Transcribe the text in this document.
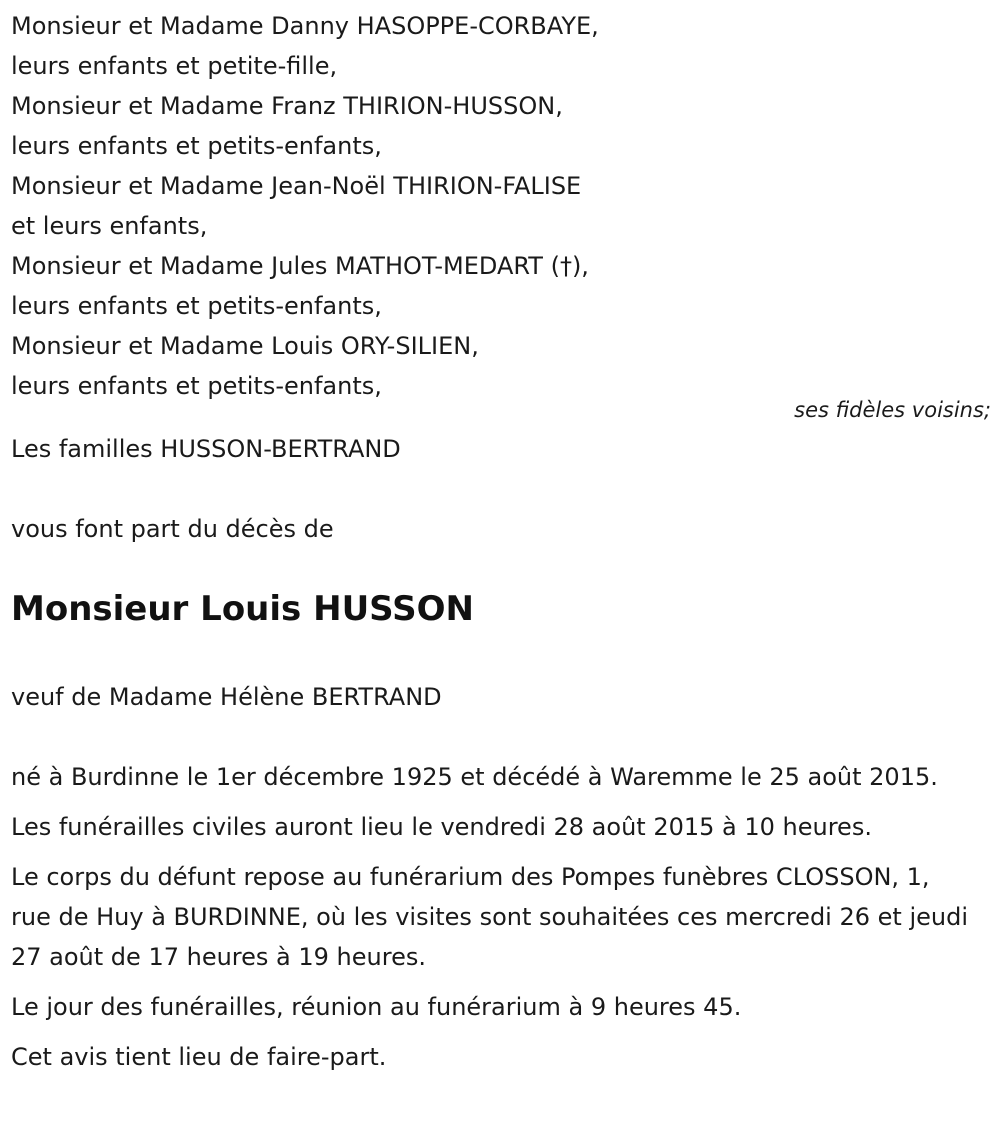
Monsieur et Madame Danny HASOPPE-CORBAYE,
leurs enfants et petite-fille,
Monsieur et Madame Franz THIRION-HUSSON,
leurs enfants et petits-enfants,
Monsieur et Madame Jean-Noël THIRION-FALISE
et leurs enfants,
Monsieur et Madame Jules MATHOT-MEDART (†),
leurs enfants et petits-enfants,
Monsieur et Madame Louis ORY-SILIEN,
leurs enfants et petits-enfants,
ses fidèles voisins;
Les familles HUSSON-BERTRAND
vous font part du décès de
Monsieur Louis HUSSON
veuf de Madame Hélène BERTRAND

né à Burdinne le 1er décembre 1925 et décédé à Waremme le 25 août 2015.

Les funérailles civiles auront lieu le vendredi 28 août 2015 à 10 heures.

Le corps du défunt repose au funérarium des Pompes funèbres CLOSSON, 1, rue de Huy à BURDINNE, où les visites sont souhaitées ces mercredi 26 et jeudi 27 août de 17 heures à 19 heures.

Le jour des funérailles, réunion au funérarium à 9 heures 45.

Cet avis tient lieu de faire-part.
